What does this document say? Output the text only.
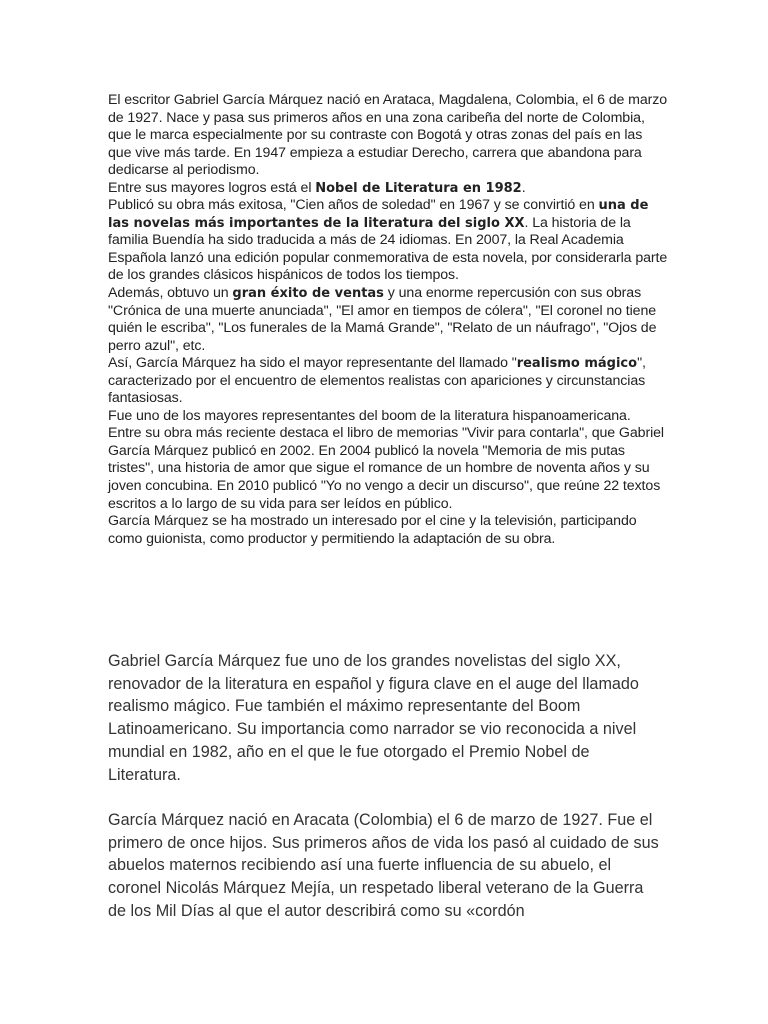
El escritor Gabriel García Márquez nació en Arataca, Magdalena, Colombia, el 6 de marzo de 1927. Nace y pasa sus primeros años en una zona caribeña del norte de Colombia, que le marca especialmente por su contraste con Bogotá y otras zonas del país en las que vive más tarde. En 1947 empieza a estudiar Derecho, carrera que abandona para dedicarse al periodismo.

Entre sus mayores logros está el Nobel de Literatura en 1982.

Publicó su obra más exitosa, "Cien años de soledad" en 1967 y se convirtió en una de las novelas más importantes de la literatura del siglo XX. La historia de la familia Buendía ha sido traducida a más de 24 idiomas. En 2007, la Real Academia Española lanzó una edición popular conmemorativa de esta novela, por considerarla parte de los grandes clásicos hispánicos de todos los tiempos.

Además, obtuvo un gran éxito de ventas y una enorme repercusión con sus obras "Crónica de una muerte anunciada", "El amor en tiempos de cólera", "El coronel no tiene quién le escriba", "Los funerales de la Mamá Grande", "Relato de un náufrago", "Ojos de perro azul", etc.

Así, García Márquez ha sido el mayor representante del llamado "realismo mágico", caracterizado por el encuentro de elementos realistas con apariciones y circunstancias fantasiosas.

Fue uno de los mayores representantes del boom de la literatura hispanoamericana.

Entre su obra más reciente destaca el libro de memorias "Vivir para contarla", que Gabriel García Márquez publicó en 2002. En 2004 publicó la novela "Memoria de mis putas tristes", una historia de amor que sigue el romance de un hombre de noventa años y su joven concubina. En 2010 publicó "Yo no vengo a decir un discurso", que reúne 22 textos escritos a lo largo de su vida para ser leídos en público.

García Márquez se ha mostrado un interesado por el cine y la televisión, participando como guionista, como productor y permitiendo la adaptación de su obra.

Gabriel García Márquez fue uno de los grandes novelistas del siglo XX, renovador de la literatura en español y figura clave en el auge del llamado realismo mágico. Fue también el máximo representante del Boom Latinoamericano. Su importancia como narrador se vio reconocida a nivel mundial en 1982, año en el que le fue otorgado el Premio Nobel de Literatura.

García Márquez nació en Aracata (Colombia) el 6 de marzo de 1927. Fue el primero de once hijos. Sus primeros años de vida los pasó al cuidado de sus abuelos maternos recibiendo así una fuerte influencia de su abuelo, el coronel Nicolás Márquez Mejía, un respetado liberal veterano de la Guerra de los Mil Días al que el autor describirá como su «cordón
